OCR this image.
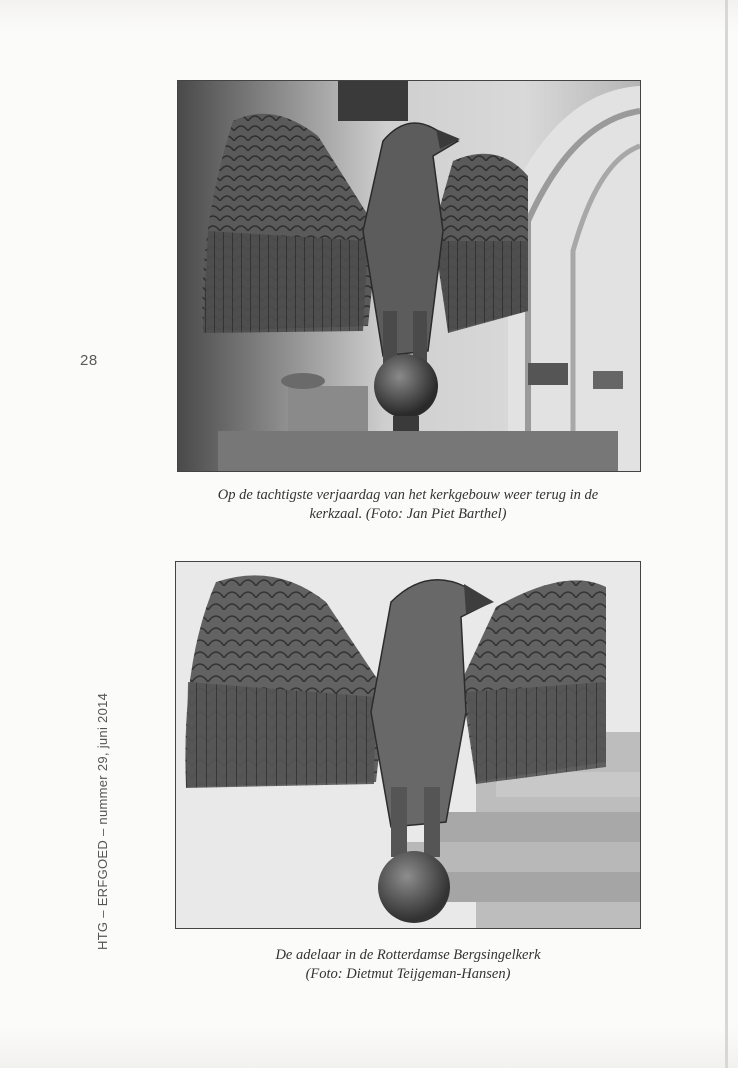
28
HTG – ERFGOED – nummer 29, juni 2014
Op de tachtigste verjaardag van het kerkgebouw weer terug in de
kerkzaal. (Foto: Jan Piet Barthel)
De adelaar in de Rotterdamse Bergsingelkerk
(Foto: Dietmut Teijgeman-Hansen)
